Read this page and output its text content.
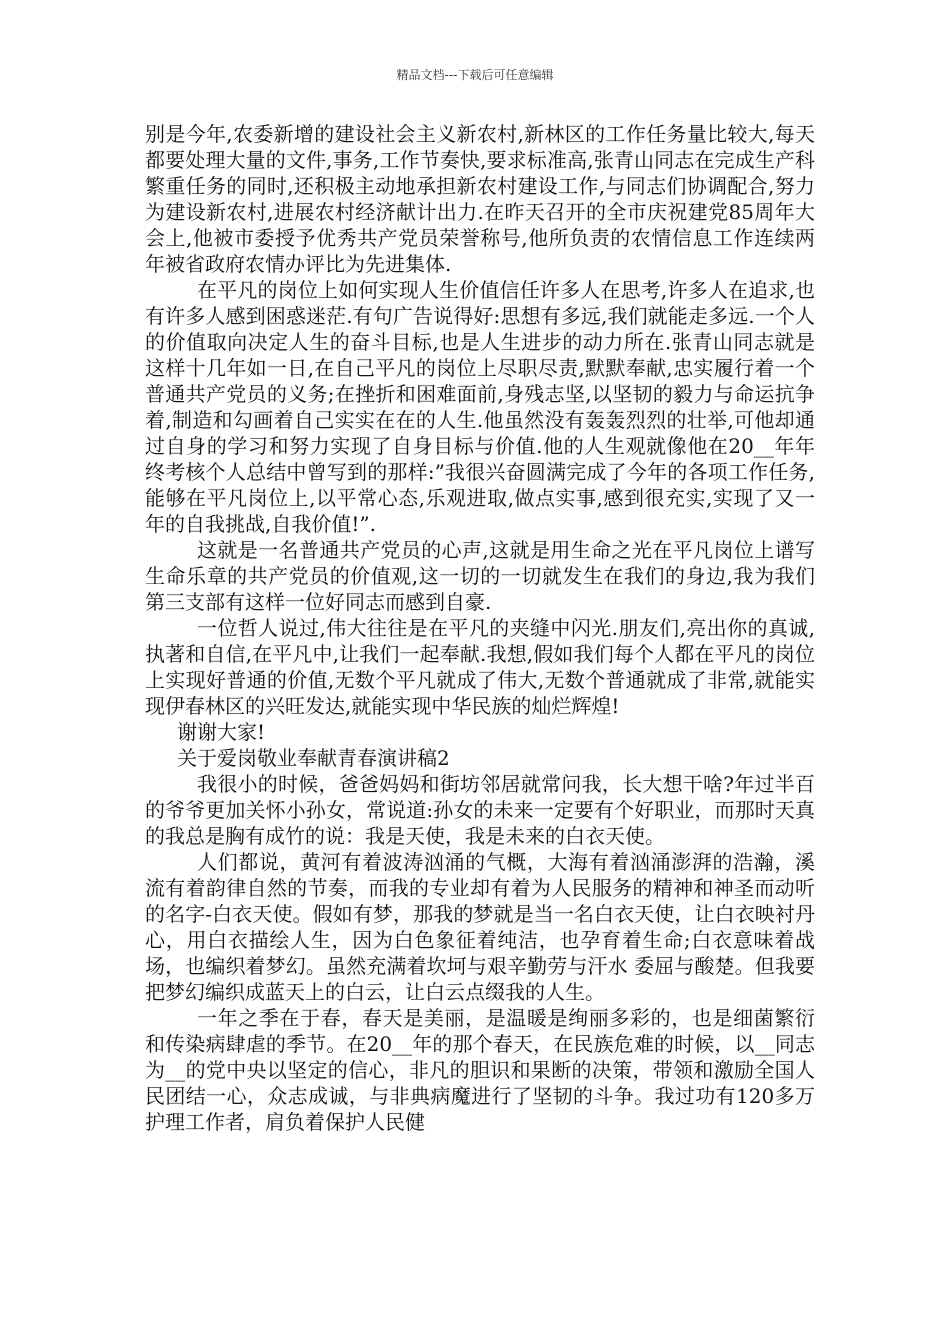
精品文档---下载后可任意编辑

别是今年,农委新增的建设社会主义新农村,新林区的工作任务量比较大,每天都要处理大量的文件,事务,工作节奏快,要求标准高,张青山同志在完成生产科繁重任务的同时,还积极主动地承担新农村建设工作,与同志们协调配合,努力为建设新农村,进展农村经济献计出力.在昨天召开的全市庆祝建党85周年大会上,他被市委授予优秀共产党员荣誉称号,他所负责的农情信息工作连续两年被省政府农情办评比为先进集体.

在平凡的岗位上如何实现人生价值信任许多人在思考,许多人在追求,也有许多人感到困惑迷茫.有句广告说得好:思想有多远,我们就能走多远.一个人的价值取向决定人生的奋斗目标,也是人生进步的动力所在.张青山同志就是这样十几年如一日,在自己平凡的岗位上尽职尽责,默默奉献,忠实履行着一个普通共产党员的义务;在挫折和困难面前,身残志坚,以坚韧的毅力与命运抗争着,制造和勾画着自己实实在在的人生.他虽然没有轰轰烈烈的壮举,可他却通过自身的学习和努力实现了自身目标与价值.他的人生观就像他在20__年年终考核个人总结中曾写到的那样:”我很兴奋圆满完成了今年的各项工作任务,能够在平凡岗位上,以平常心态,乐观进取,做点实事,感到很充实,实现了又一年的自我挑战,自我价值!”.

这就是一名普通共产党员的心声,这就是用生命之光在平凡岗位上谱写生命乐章的共产党员的价值观,这一切的一切就发生在我们的身边,我为我们第三支部有这样一位好同志而感到自豪.

一位哲人说过,伟大往往是在平凡的夹缝中闪光.朋友们,亮出你的真诚,执著和自信,在平凡中,让我们一起奉献.我想,假如我们每个人都在平凡的岗位上实现好普通的价值,无数个平凡就成了伟大,无数个普通就成了非常,就能实现伊春林区的兴旺发达,就能实现中华民族的灿烂辉煌!

谢谢大家!

关于爱岗敬业奉献青春演讲稿2

我很小的时候，爸爸妈妈和街坊邻居就常问我，长大想干啥?年过半百的爷爷更加关怀小孙女，常说道:孙女的未来一定要有个好职业，而那时天真的我总是胸有成竹的说：我是天使，我是未来的白衣天使。

人们都说，黄河有着波涛汹涌的气概，大海有着汹涌澎湃的浩瀚，溪流有着韵律自然的节奏，而我的专业却有着为人民服务的精神和神圣而动听的名字-白衣天使。假如有梦，那我的梦就是当一名白衣天使，让白衣映衬丹心，用白衣描绘人生，因为白色象征着纯洁，也孕育着生命;白衣意味着战场，也编织着梦幻。虽然充满着坎坷与艰辛勤劳与汗水 委屈与酸楚。但我要把梦幻编织成蓝天上的白云，让白云点缀我的人生。

一年之季在于春，春天是美丽，是温暖是绚丽多彩的，也是细菌繁衍和传染病肆虐的季节。在20__年的那个春天，在民族危难的时候，以__同志为__的党中央以坚定的信心，非凡的胆识和果断的决策，带领和激励全国人民团结一心，众志成诚，与非典病魔进行了坚韧的斗争。我过功有120多万护理工作者，肩负着保护人民健
